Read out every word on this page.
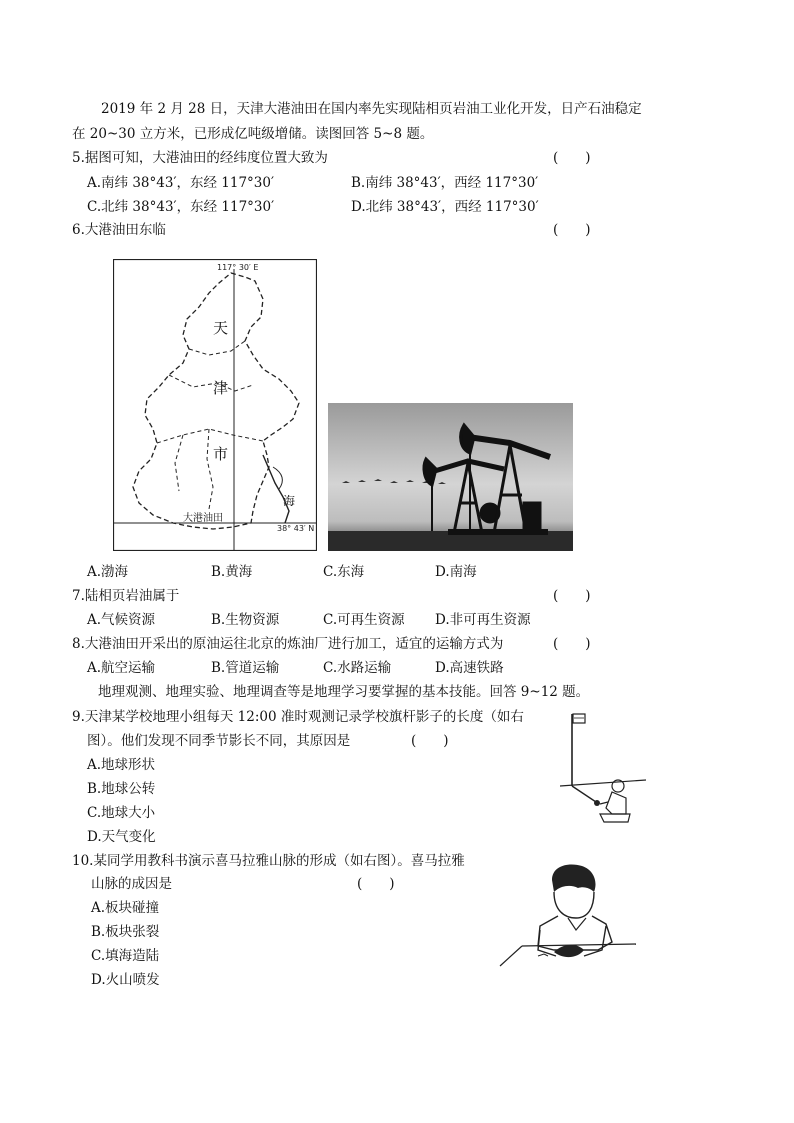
2019 年 2 月 28 日，天津大港油田在国内率先实现陆相页岩油工业化开发，日产石油稳定
在 20~30 立方米，已形成亿吨级增储。读图回答 5~8 题。
5.据图可知，大港油田的经纬度位置大致为	(　　)
A.南纬 38°43′，东经 117°30′	B.南纬 38°43′，西经 117°30′
C.北纬 38°43′，东经 117°30′	D.北纬 38°43′，西经 117°30′
6.大港油田东临	(　　)
117° 30′ E
38° 43′ N
天
津
市
海
大港油田
A.渤海	B.黄海	C.东海	D.南海
7.陆相页岩油属于	(　　)
A.气候资源	B.生物资源	C.可再生资源 D.非可再生资源
8.大港油田开采出的原油运往北京的炼油厂进行加工，适宜的运输方式为	(　　)
A.航空运输	B.管道运输	C.水路运输	D.高速铁路
地理观测、地理实验、地理调查等是地理学习要掌握的基本技能。回答 9~12 题。
9.天津某学校地理小组每天 12:00 准时观测记录学校旗杆影子的长度（如右
图）。他们发现不同季节影长不同，其原因是	(　　)
A.地球形状
B.地球公转
C.地球大小
D.天气变化
10.某同学用教科书演示喜马拉雅山脉的形成（如右图）。喜马拉雅
山脉的成因是	(　　)
A.板块碰撞
B.板块张裂
C.填海造陆
D.火山喷发
